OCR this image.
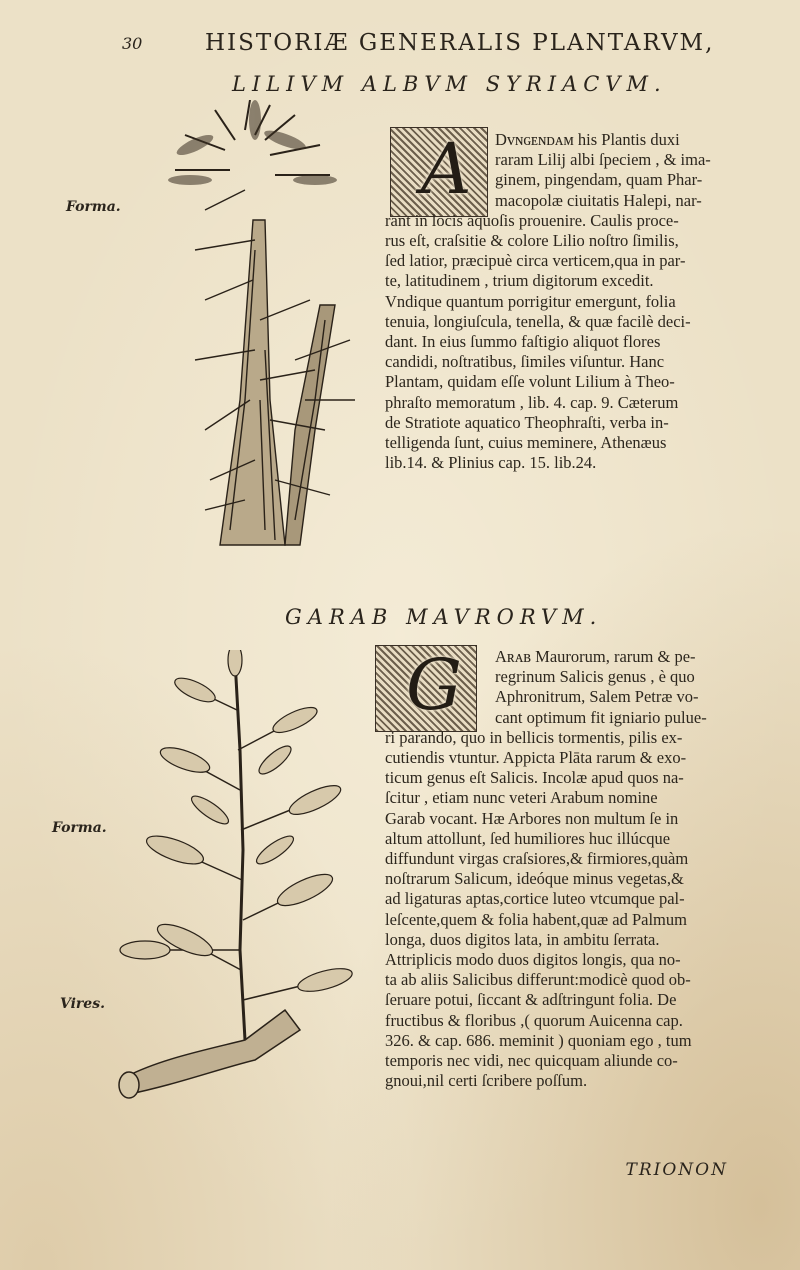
30	HISTORIÆ GENERALIS PLANTARVM,
LILIVM ALBVM SYRIACVM.
Forma.	A	Dᴠɴɢᴇɴᴅᴀᴍ his Plantis duxi
raram Lilij albi ſpeciem , & ima-
ginem, pingendam, quam Phar-
macopolæ ciuitatis Halepi, nar-
rant in locis aquoſis prouenire. Caulis proce-
rus eſt, craſsitie & colore Lilio noſtro ſimilis,
ſed latior, præcipuè circa verticem,qua in par-
te, latitudinem , trium digitorum excedit.
Vndique quantum porrigitur emergunt, folia
tenuia, longiuſcula, tenella, & quæ facilè deci-
dant. In eius ſummo faſtigio aliquot flores
candidi, noſtratibus, ſimiles viſuntur. Hanc
Plantam, quidam eſſe volunt Lilium à Theo-
phraſto memoratum , lib. 4. cap. 9. Cæterum
de Stratiote aquatico Theophraſti, verba in-
telligenda ſunt, cuius meminere, Athenæus
lib.14. & Plinius cap. 15. lib.24.
GARAB MAVRORVM.
Forma.
Vires.
G	Aʀᴀʙ Maurorum, rarum & pe-
regrinum Salicis genus , è quo
Aphronitrum, Salem Petræ vo-
cant optimum fit igniario pulue-
ri parando, quo in bellicis tormentis, pilis ex-
cutiendis vtuntur. Appicta Plāta rarum & exo-
ticum genus eſt Salicis. Incolæ apud quos na-
ſcitur , etiam nunc veteri Arabum nomine
Garab vocant. Hæ Arbores non multum ſe in
altum attollunt, ſed humiliores huc illúcque
diffundunt virgas craſsiores,& firmiores,quàm
noſtrarum Salicum, ideóque minus vegetas,&
ad ligaturas aptas,cortice luteo vtcumque pal-
leſcente,quem & folia habent,quæ ad Palmum
longa, duos digitos lata, in ambitu ſerrata.
Attriplicis modo duos digitos longis, qua no-
ta ab aliis Salicibus differunt:modicè quod ob-
ſeruare potui, ſiccant & adſtringunt folia. De
fructibus & floribus ,( quorum Auicenna cap.
326. & cap. 686. meminit ) quoniam ego , tum
temporis nec vidi, nec quicquam aliunde co-
gnoui,nil certi ſcribere poſſum.
TRIONON
